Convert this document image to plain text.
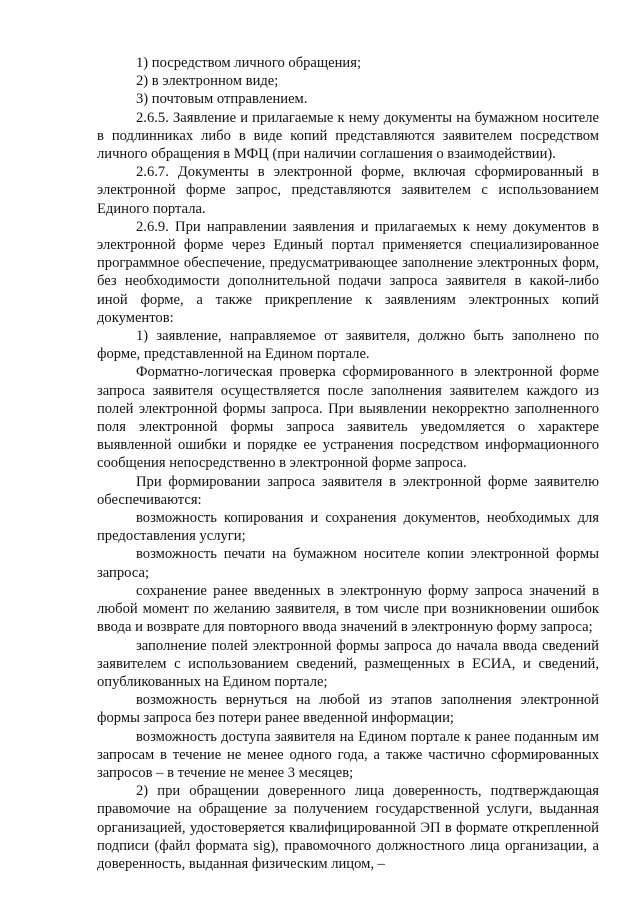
1) посредством личного обращения;

2) в электронном виде;

3) почтовым отправлением.

2.6.5. Заявление и прилагаемые к нему документы на бумажном носителе в подлинниках либо в виде копий представляются заявителем посредством личного обращения в МФЦ (при наличии соглашения о взаимодействии).

2.6.7. Документы в электронной форме, включая сформированный в электронной форме запрос, представляются заявителем с использованием Единого портала.

2.6.9. При направлении заявления и прилагаемых к нему документов в электронной форме через Единый портал применяется специализированное программное обеспечение, предусматривающее заполнение электронных форм, без необходимости дополнительной подачи запроса заявителя в какой-либо иной форме, а также прикрепление к заявлениям электронных копий документов:

1) заявление, направляемое от заявителя, должно быть заполнено по форме, представленной на Едином портале.

Форматно-логическая проверка сформированного в электронной форме запроса заявителя осуществляется после заполнения заявителем каждого из полей электронной формы запроса. При выявлении некорректно заполненного поля электронной формы запроса заявитель уведомляется о характере выявленной ошибки и порядке ее устранения посредством информационного сообщения непосредственно в электронной форме запроса.

При формировании запроса заявителя в электронной форме заявителю обеспечиваются:

возможность копирования и сохранения документов, необходимых для предоставления услуги;

возможность печати на бумажном носителе копии электронной формы запроса;

сохранение ранее введенных в электронную форму запроса значений в любой момент по желанию заявителя, в том числе при возникновении ошибок ввода и возврате для повторного ввода значений в электронную форму запроса;

заполнение полей электронной формы запроса до начала ввода сведений заявителем с использованием сведений, размещенных в ЕСИА, и сведений, опубликованных на Едином портале;

возможность вернуться на любой из этапов заполнения электронной формы запроса без потери ранее введенной информации;

возможность доступа заявителя на Едином портале к ранее поданным им запросам в течение не менее одного года, а также частично сформированных запросов – в течение не менее 3 месяцев;

2) при обращении доверенного лица доверенность, подтверждающая правомочие на обращение за получением государственной услуги, выданная организацией, удостоверяется квалифицированной ЭП в формате открепленной подписи (файл формата sig), правомочного должностного лица организации, а доверенность, выданная физическим лицом, –
